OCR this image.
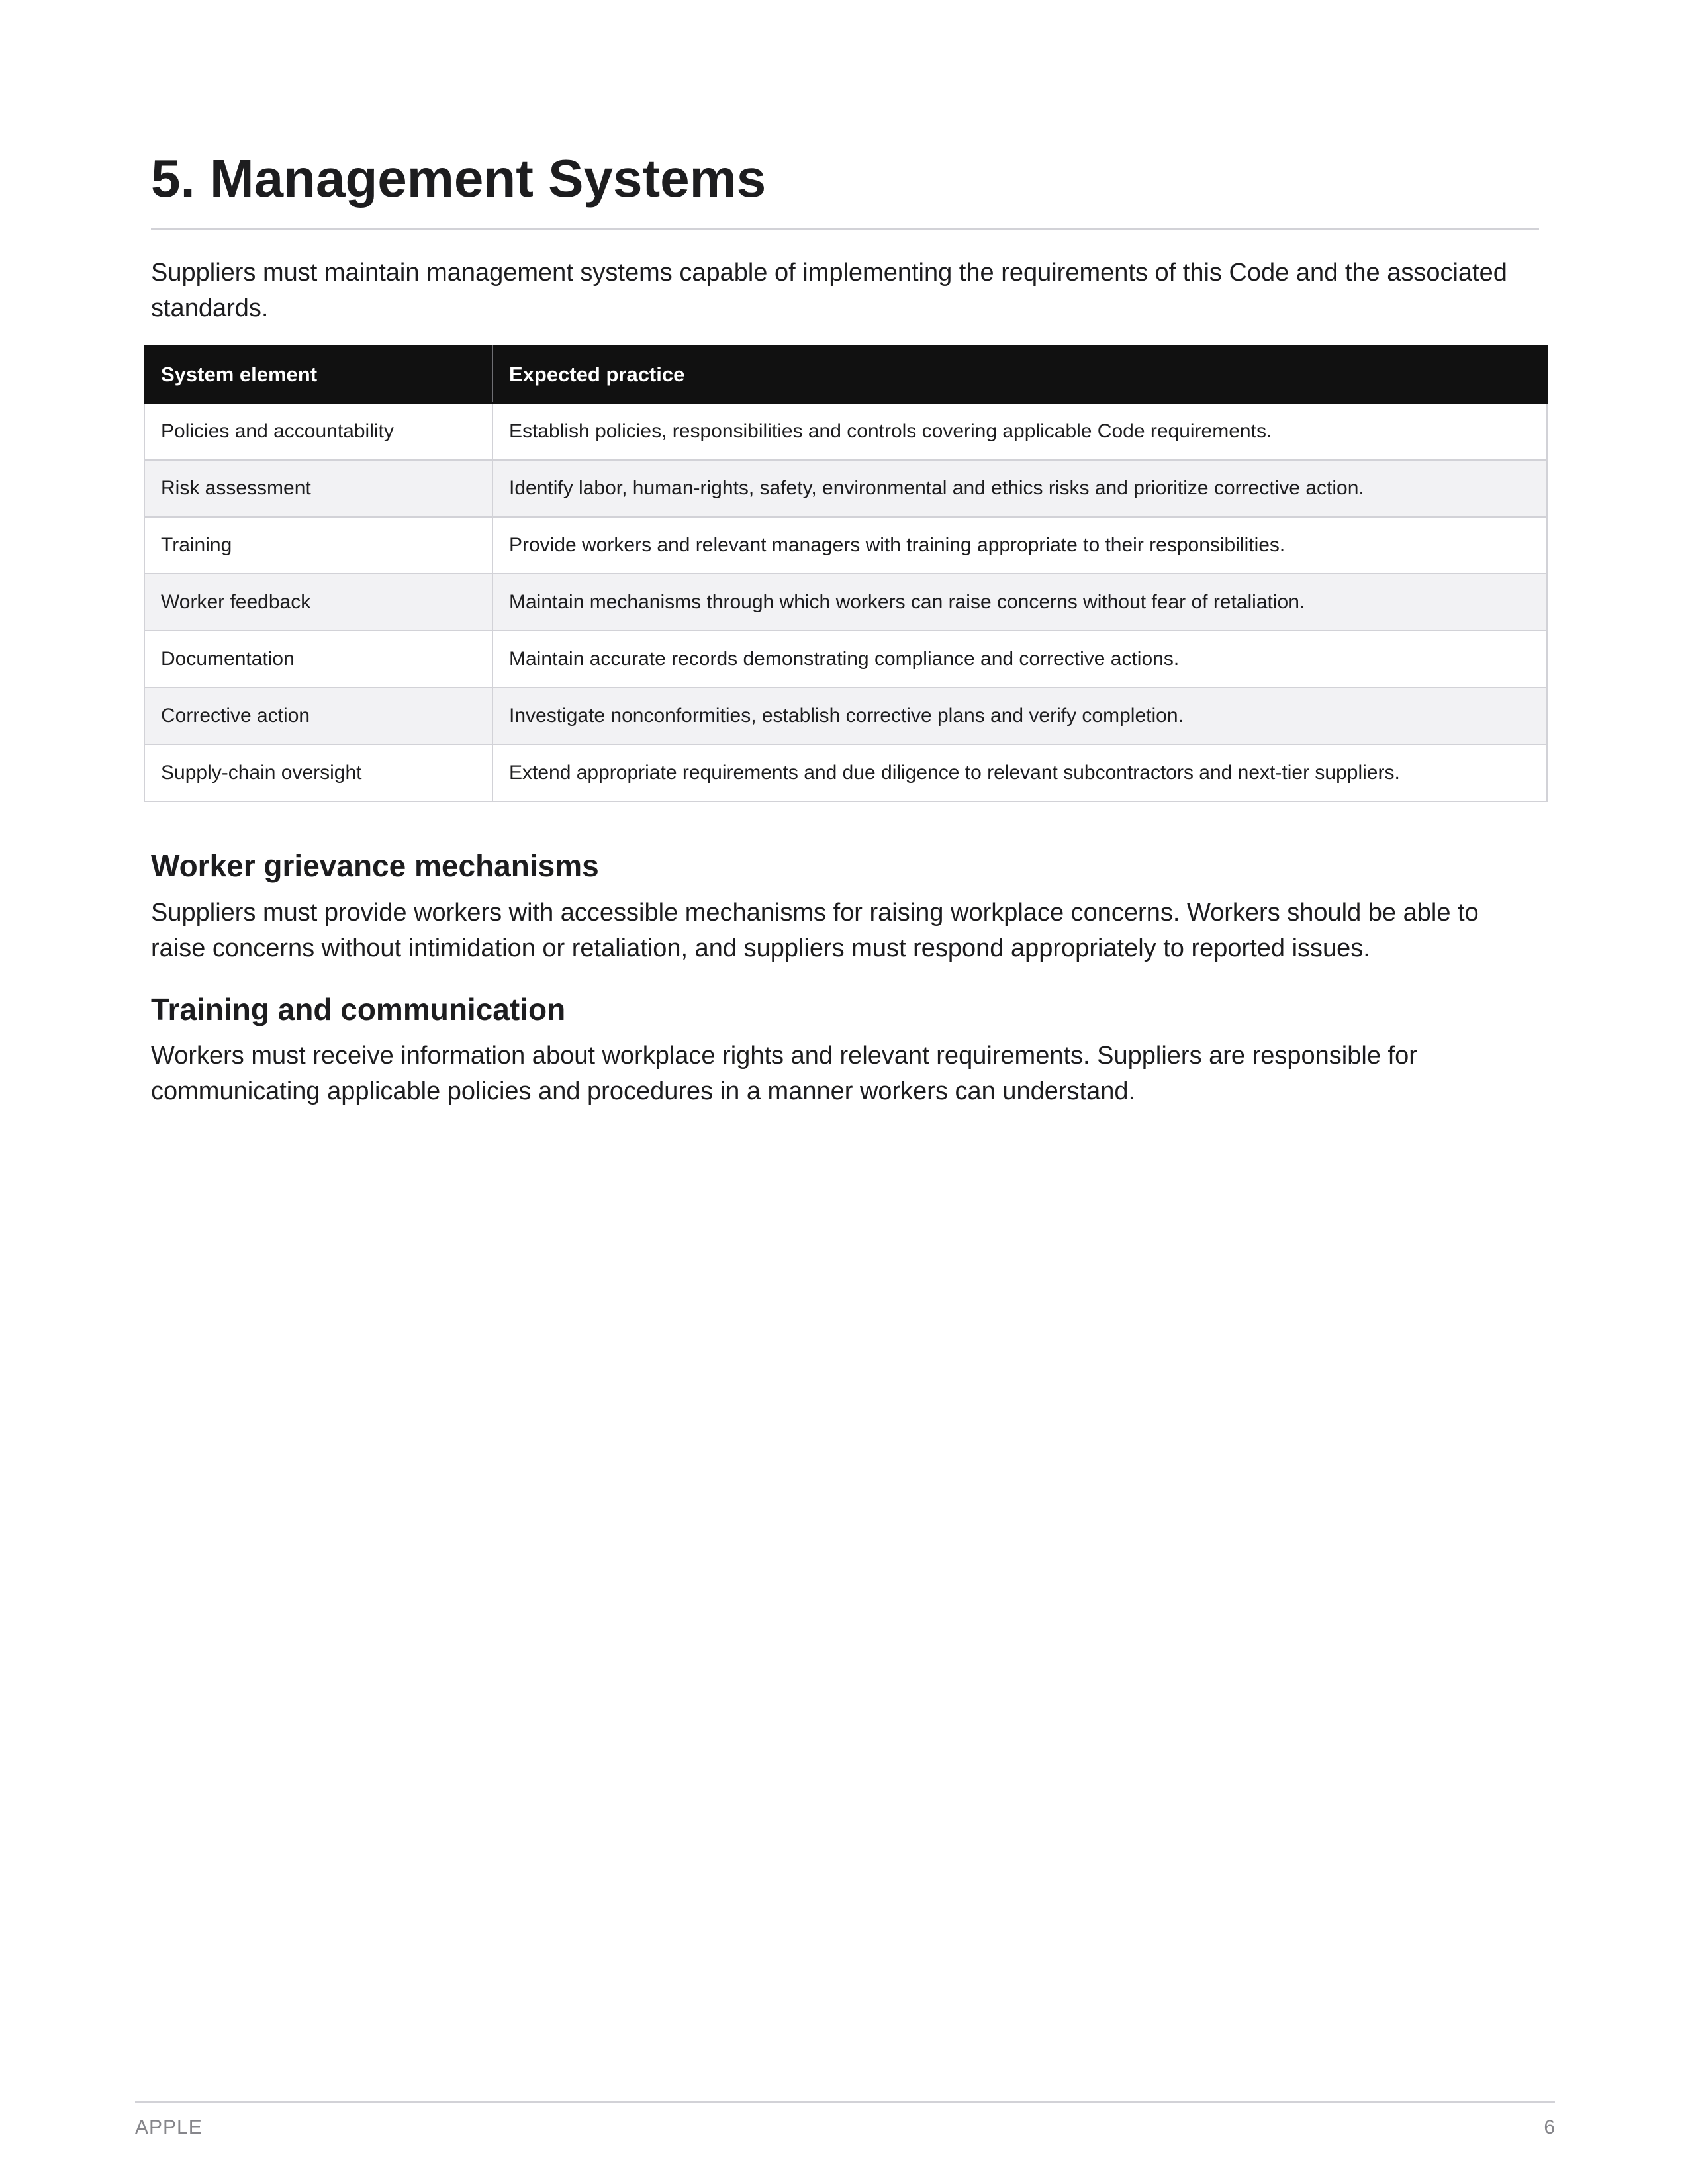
5. Management Systems

Suppliers must maintain management systems capable of implementing the requirements of this Code and the associated standards.

System element	Expected practice
Policies and accountability	Establish policies, responsibilities and controls covering applicable Code requirements.
Risk assessment	Identify labor, human-rights, safety, environmental and ethics risks and prioritize corrective action.
Training	Provide workers and relevant managers with training appropriate to their responsibilities.
Worker feedback	Maintain mechanisms through which workers can raise concerns without fear of retaliation.
Documentation	Maintain accurate records demonstrating compliance and corrective actions.
Corrective action	Investigate nonconformities, establish corrective plans and verify completion.
Supply-chain oversight	Extend appropriate requirements and due diligence to relevant subcontractors and next-tier suppliers.
Worker grievance mechanisms

Suppliers must provide workers with accessible mechanisms for raising workplace concerns. Workers should be able to raise concerns without intimidation or retaliation, and suppliers must respond appropriately to reported issues.

Training and communication

Workers must receive information about workplace rights and relevant requirements. Suppliers are responsible for communicating applicable policies and procedures in a manner workers can understand.

APPLE	6
